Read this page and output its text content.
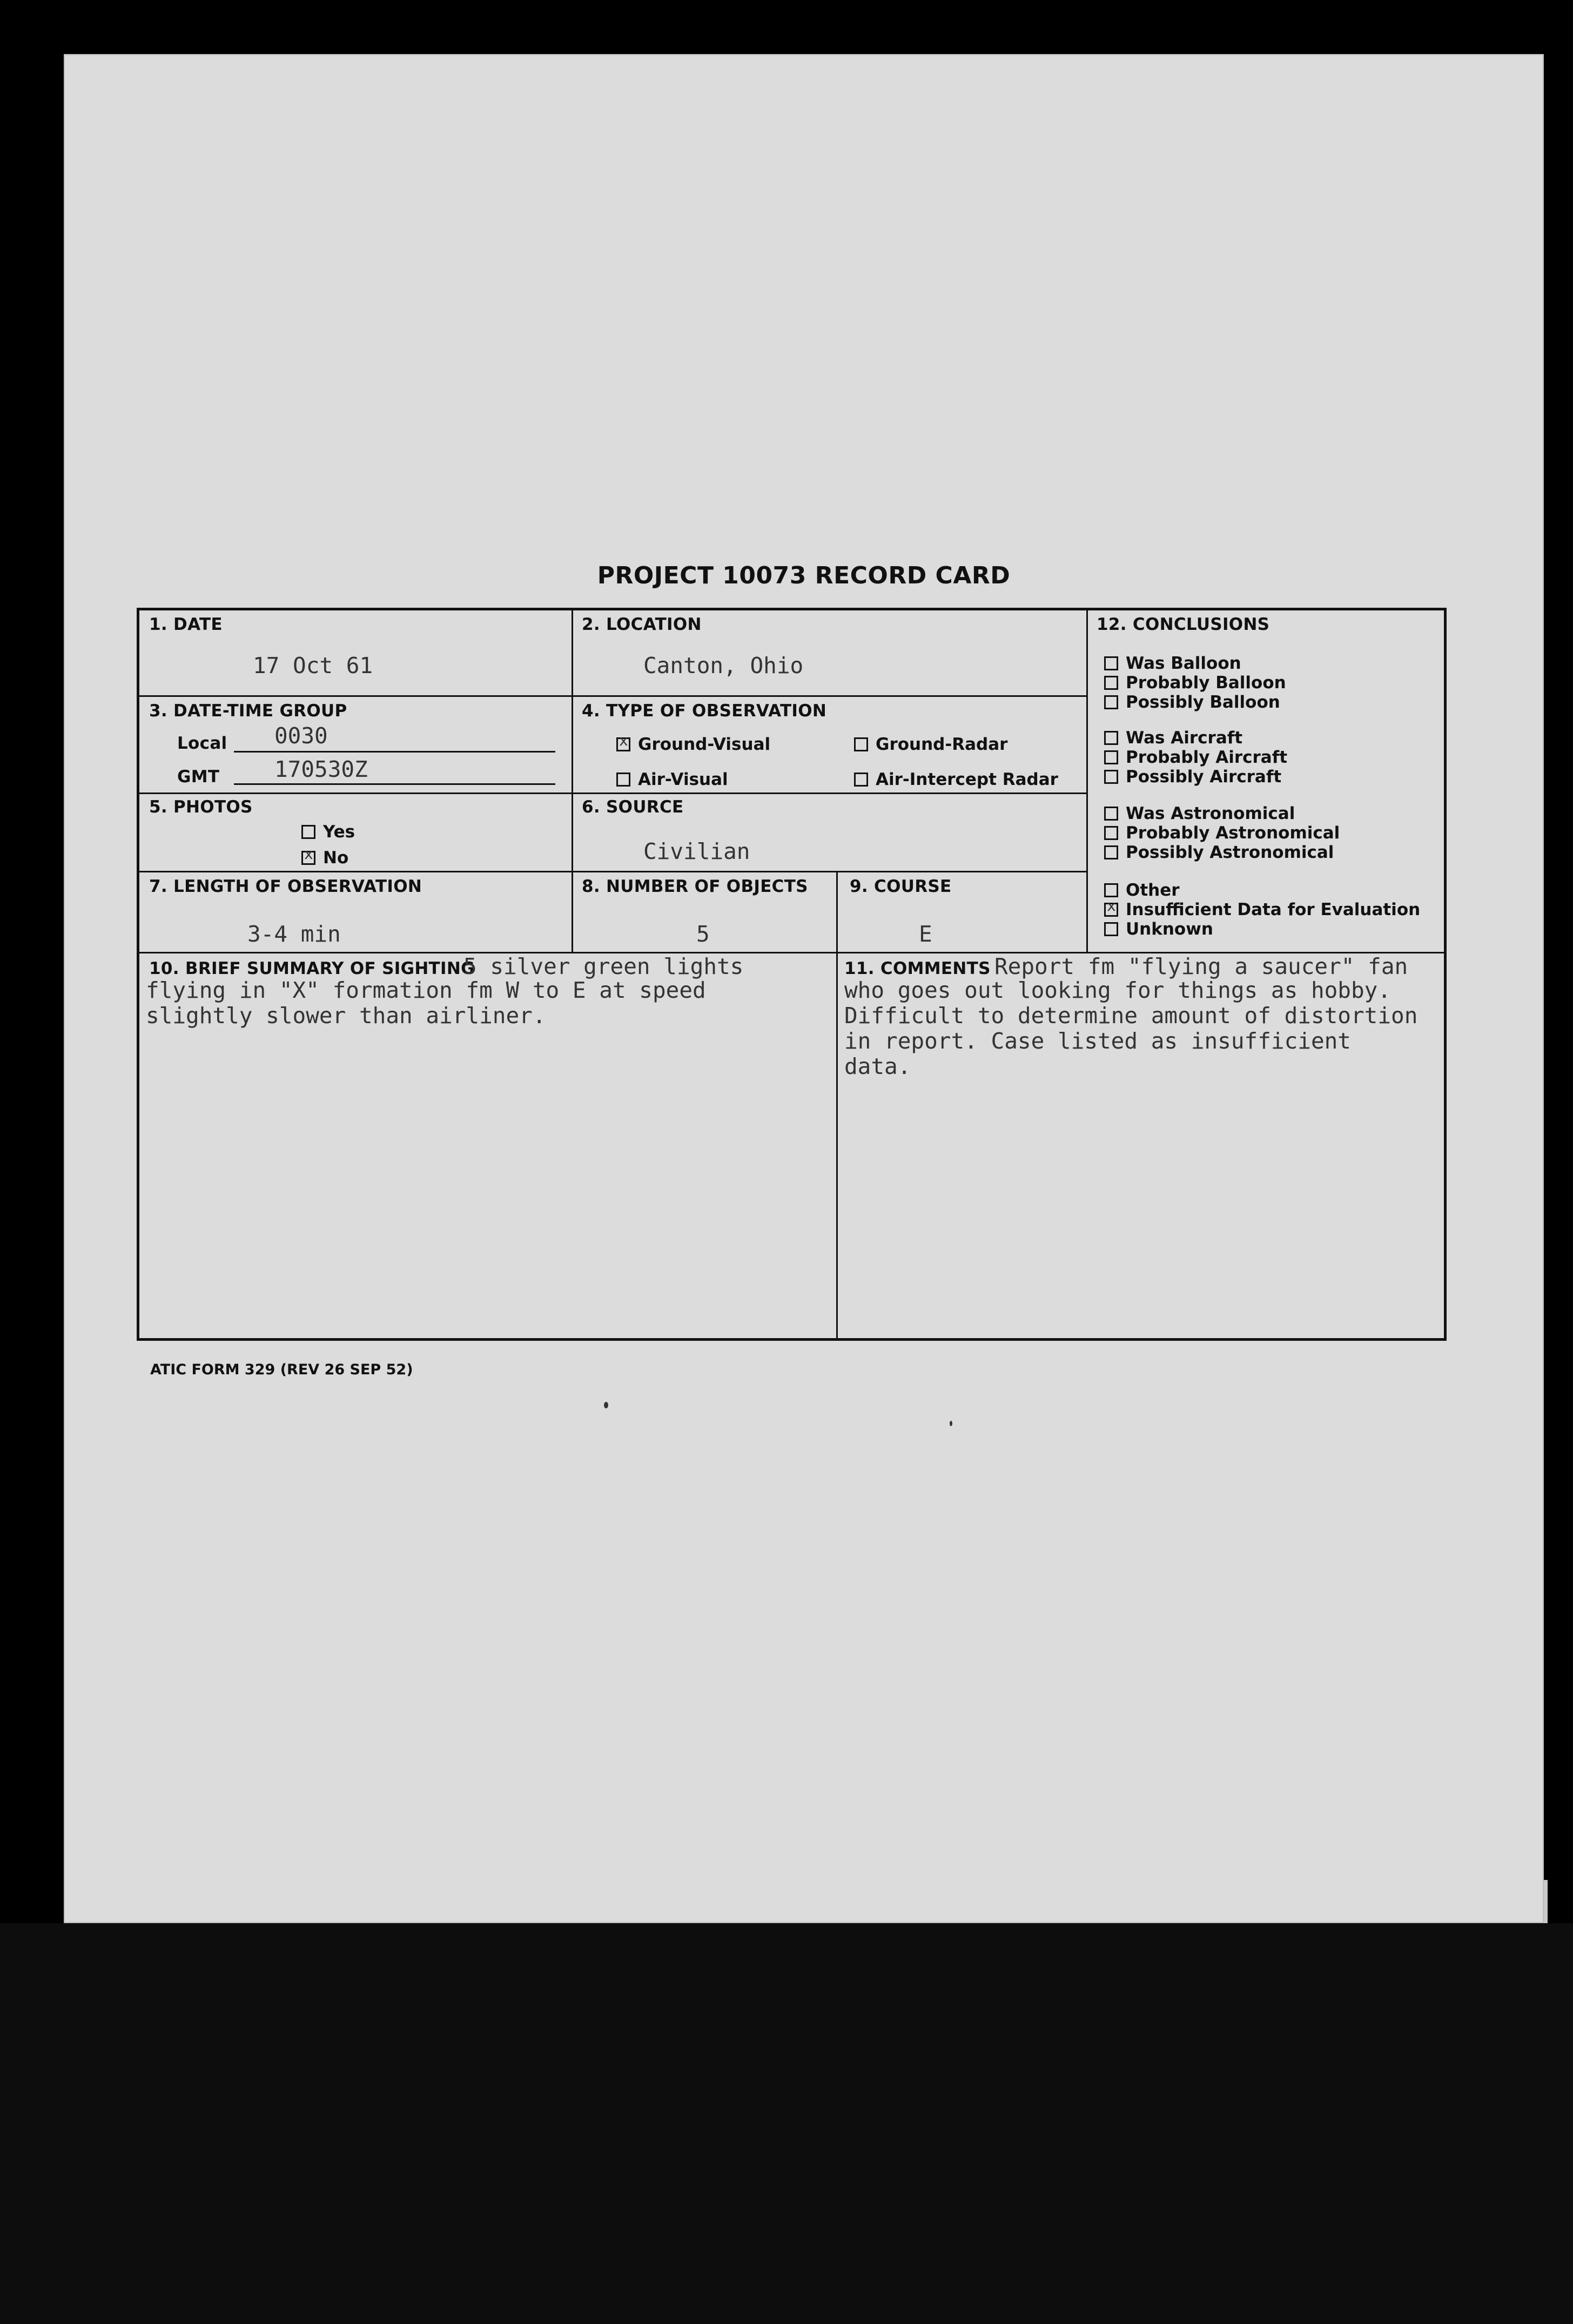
PROJECT 10073 RECORD CARD
1. DATE
17 Oct 61
2. LOCATION
Canton, Ohio
3. DATE-TIME GROUP
Local 0030
GMT 170530Z
4. TYPE OF OBSERVATION
x
Ground-Visual	Ground-Radar
Air-Visual	Air-Intercept Radar
5. PHOTOS
Yes
x
No
6. SOURCE
Civilian
7. LENGTH OF OBSERVATION
3-4 min
8. NUMBER OF OBJECTS
5
9. COURSE
E
12. CONCLUSIONS
Was Balloon
Probably Balloon
Possibly Balloon
Was Aircraft
Probably Aircraft
Possibly Aircraft
Was Astronomical
Probably Astronomical
Possibly Astronomical
Other
x
Insufficient Data for Evaluation
Unknown
10. BRIEF SUMMARY OF SIGHTING
5 silver green lights
flying in "X" formation fm W to E at speed
slightly slower than airliner.
11. COMMENTS Report fm "flying a saucer" fan
who goes out looking for things as hobby.
Difficult to determine amount of distortion
in report. Case listed as insufficient
data.
ATIC FORM 329 (REV 26 SEP 52)
